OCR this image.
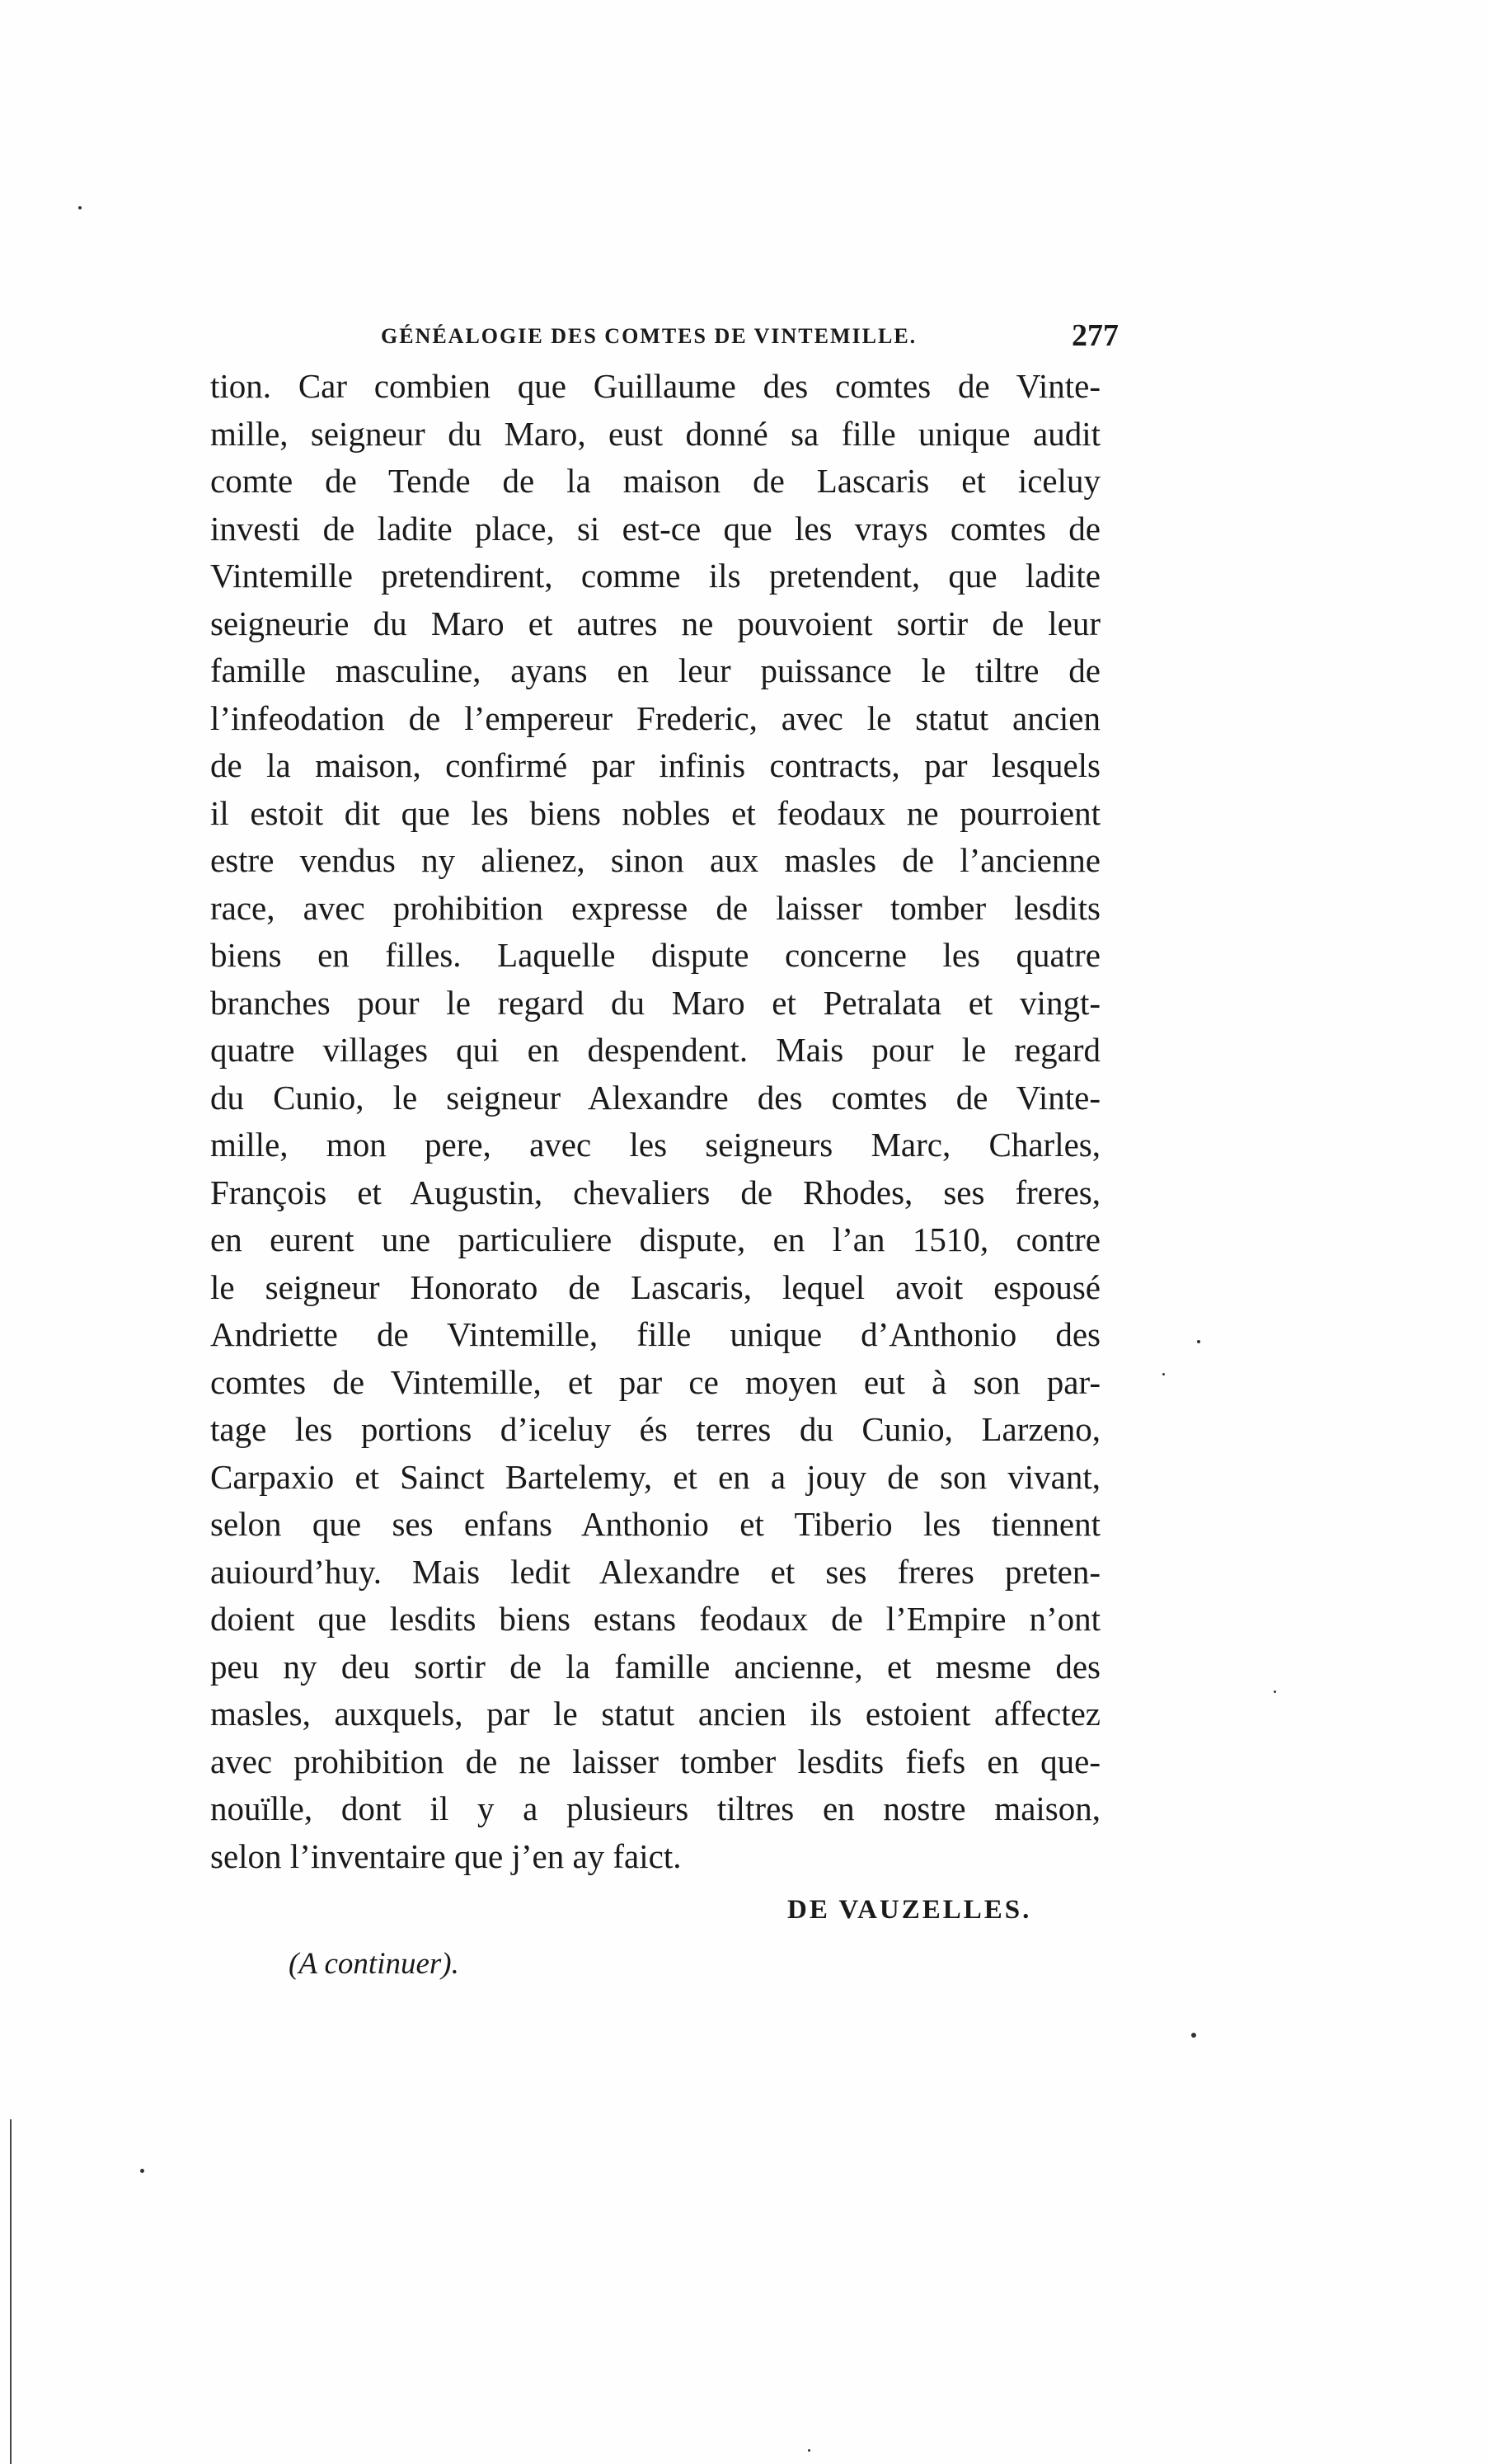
GÉNÉALOGIE DES COMTES DE VINTEMILLE.	277
tion. Car combien que Guillaume des comtes de Vinte-
mille, seigneur du Maro, eust donné sa fille unique audit
comte de Tende de la maison de Lascaris et iceluy
investi de ladite place, si est-ce que les vrays comtes de
Vintemille pretendirent, comme ils pretendent, que ladite
seigneurie du Maro et autres ne pouvoient sortir de leur
famille masculine, ayans en leur puissance le tiltre de
l’infeodation de l’empereur Frederic, avec le statut ancien
de la maison, confirmé par infinis contracts, par lesquels
il estoit dit que les biens nobles et feodaux ne pourroient
estre vendus ny alienez, sinon aux masles de l’ancienne
race, avec prohibition expresse de laisser tomber lesdits
biens en filles. Laquelle dispute concerne les quatre
branches pour le regard du Maro et Petralata et vingt-
quatre villages qui en despendent. Mais pour le regard
du Cunio, le seigneur Alexandre des comtes de Vinte-
mille, mon pere, avec les seigneurs Marc, Charles,
François et Augustin, chevaliers de Rhodes, ses freres,
en eurent une particuliere dispute, en l’an 1510, contre
le seigneur Honorato de Lascaris, lequel avoit espousé
Andriette de Vintemille, fille unique d’Anthonio des
comtes de Vintemille, et par ce moyen eut à son par-
tage les portions d’iceluy és terres du Cunio, Larzeno,
Carpaxio et Sainct Bartelemy, et en a jouy de son vivant,
selon que ses enfans Anthonio et Tiberio les tiennent
auiourd’huy. Mais ledit Alexandre et ses freres preten-
doient que lesdits biens estans feodaux de l’Empire n’ont
peu ny deu sortir de la famille ancienne, et mesme des
masles, auxquels, par le statut ancien ils estoient affectez
avec prohibition de ne laisser tomber lesdits fiefs en que-
nouïlle, dont il y a plusieurs tiltres en nostre maison,
selon l’inventaire que j’en ay faict.
DE VAUZELLES.
(A continuer).
